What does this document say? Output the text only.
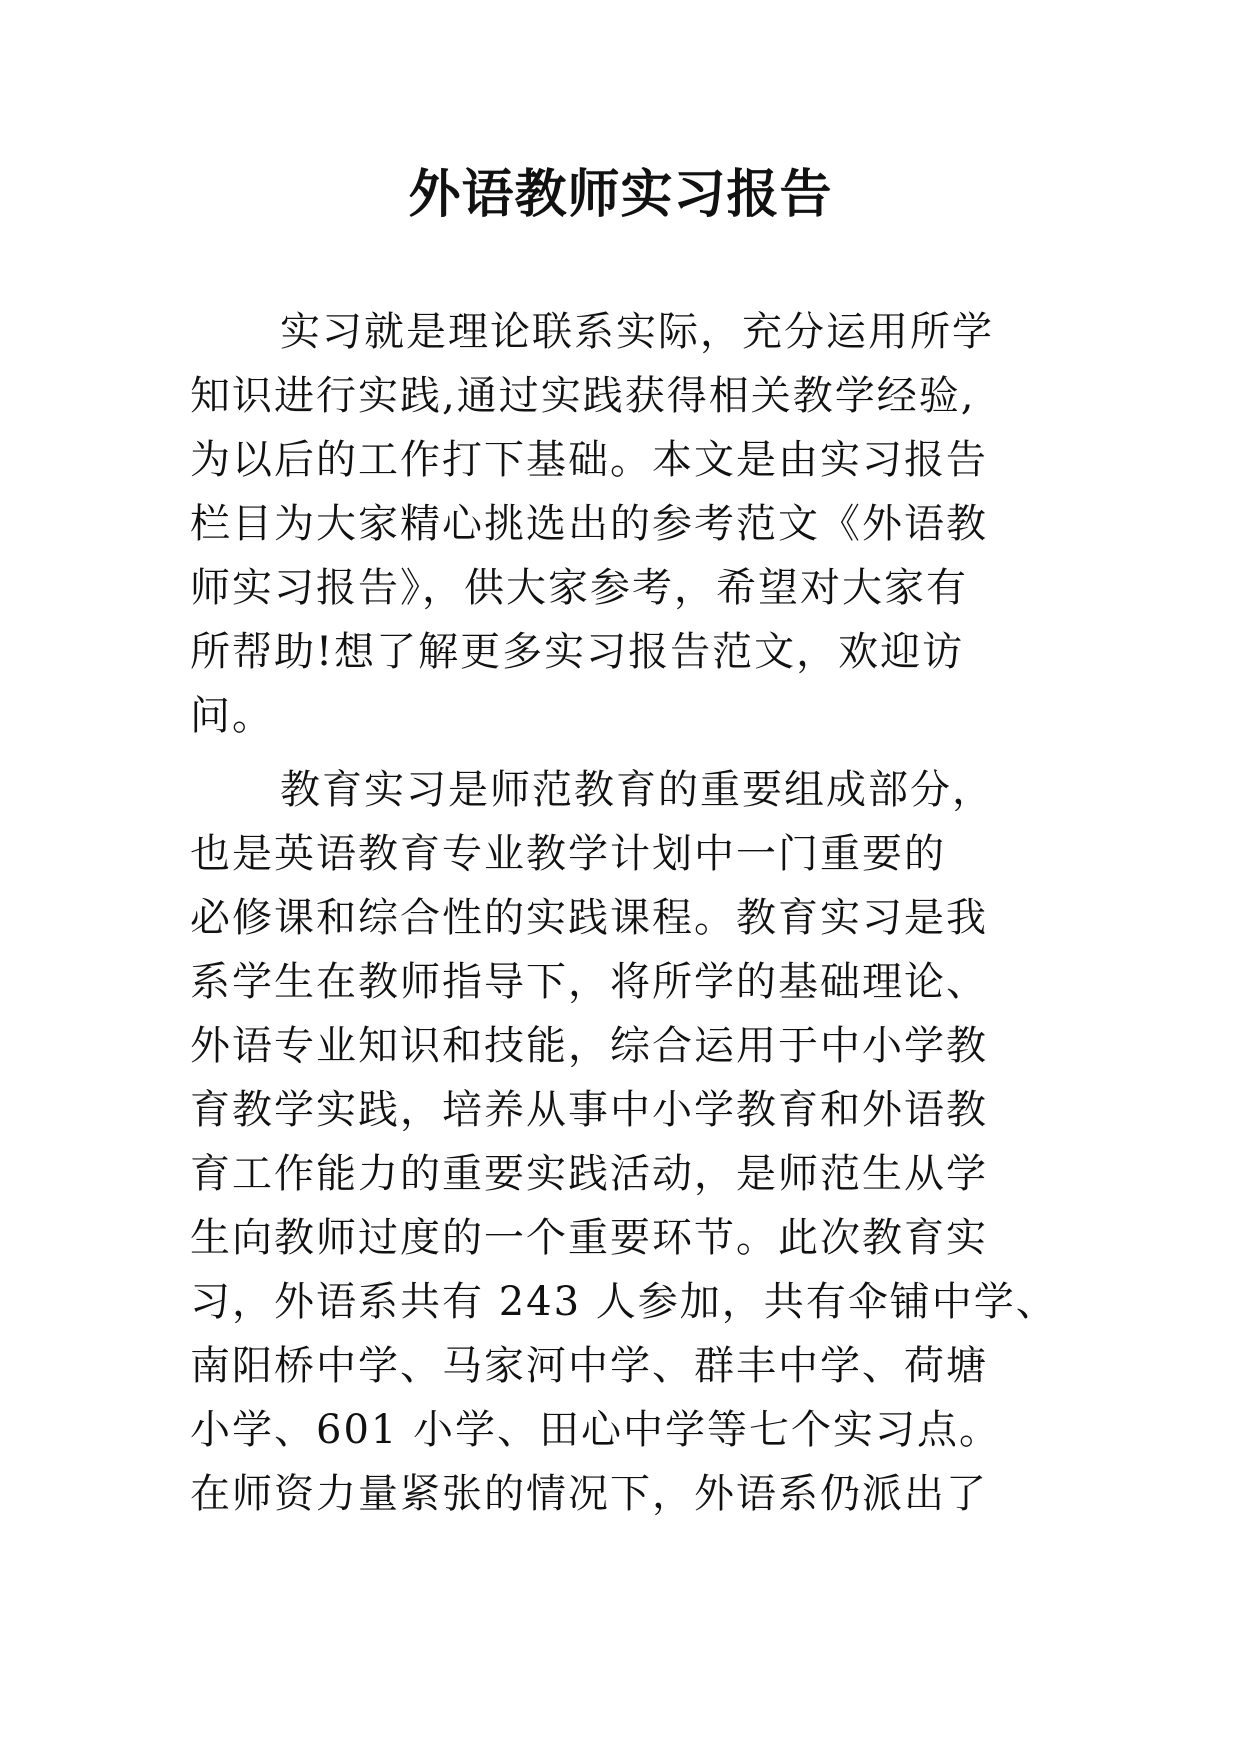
外语教师实习报告

实习就是理论联系实际，充分运用所学

知识进行实践,通过实践获得相关教学经验,

为以后的工作打下基础。本文是由实习报告

栏目为大家精心挑选出的参考范文《外语教

师实习报告》，供大家参考，希望对大家有

所帮助!想了解更多实习报告范文，欢迎访

问。

教育实习是师范教育的重要组成部分，

也是英语教育专业教学计划中一门重要的

必修课和综合性的实践课程。教育实习是我

系学生在教师指导下，将所学的基础理论、

外语专业知识和技能，综合运用于中小学教

育教学实践，培养从事中小学教育和外语教

育工作能力的重要实践活动，是师范生从学

生向教师过度的一个重要环节。此次教育实

习，外语系共有 243 人参加，共有伞铺中学、

南阳桥中学、马家河中学、群丰中学、荷塘

小学、601 小学、田心中学等七个实习点。

在师资力量紧张的情况下，外语系仍派出了
